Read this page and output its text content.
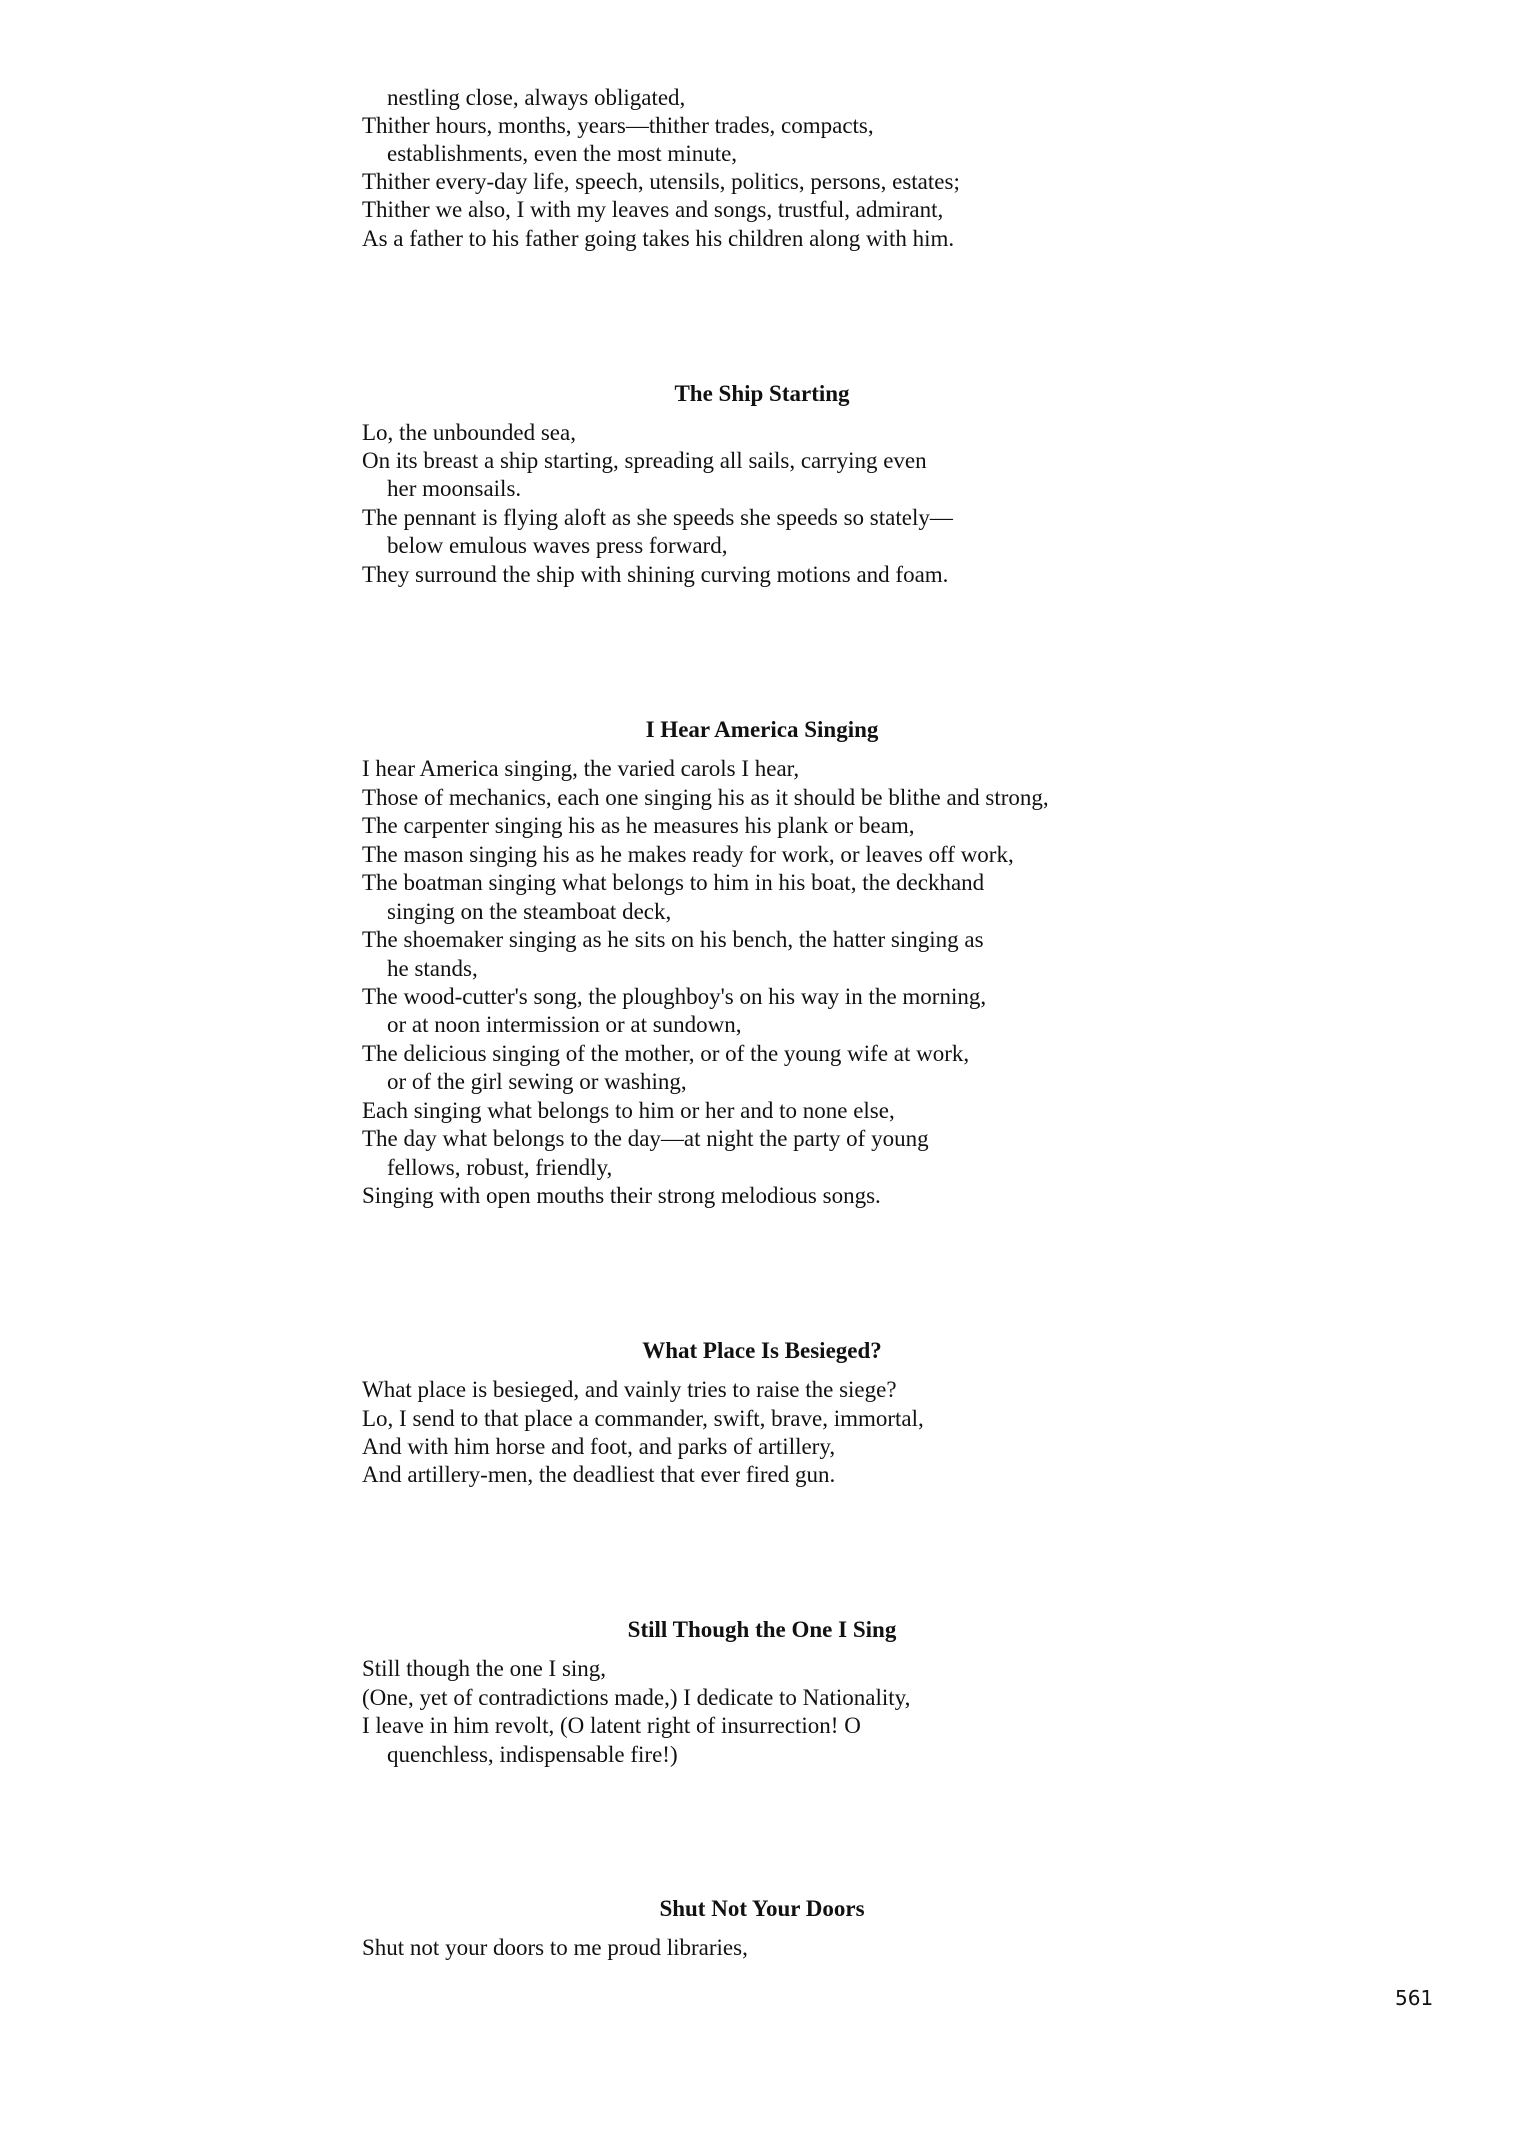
nestling close, always obligated,
Thither hours, months, years—thither trades, compacts,
establishments, even the most minute,
Thither every-day life, speech, utensils, politics, persons, estates;
Thither we also, I with my leaves and songs, trustful, admirant,
As a father to his father going takes his children along with him.
The Ship Starting
Lo, the unbounded sea,
On its breast a ship starting, spreading all sails, carrying even
her moonsails.
The pennant is flying aloft as she speeds she speeds so stately—
below emulous waves press forward,
They surround the ship with shining curving motions and foam.
I Hear America Singing
I hear America singing, the varied carols I hear,
Those of mechanics, each one singing his as it should be blithe and strong,
The carpenter singing his as he measures his plank or beam,
The mason singing his as he makes ready for work, or leaves off work,
The boatman singing what belongs to him in his boat, the deckhand
singing on the steamboat deck,
The shoemaker singing as he sits on his bench, the hatter singing as
he stands,
The wood-cutter's song, the ploughboy's on his way in the morning,
or at noon intermission or at sundown,
The delicious singing of the mother, or of the young wife at work,
or of the girl sewing or washing,
Each singing what belongs to him or her and to none else,
The day what belongs to the day—at night the party of young
fellows, robust, friendly,
Singing with open mouths their strong melodious songs.
What Place Is Besieged?
What place is besieged, and vainly tries to raise the siege?
Lo, I send to that place a commander, swift, brave, immortal,
And with him horse and foot, and parks of artillery,
And artillery-men, the deadliest that ever fired gun.
Still Though the One I Sing
Still though the one I sing,
(One, yet of contradictions made,) I dedicate to Nationality,
I leave in him revolt, (O latent right of insurrection! O
quenchless, indispensable fire!)
Shut Not Your Doors
Shut not your doors to me proud libraries,
561
